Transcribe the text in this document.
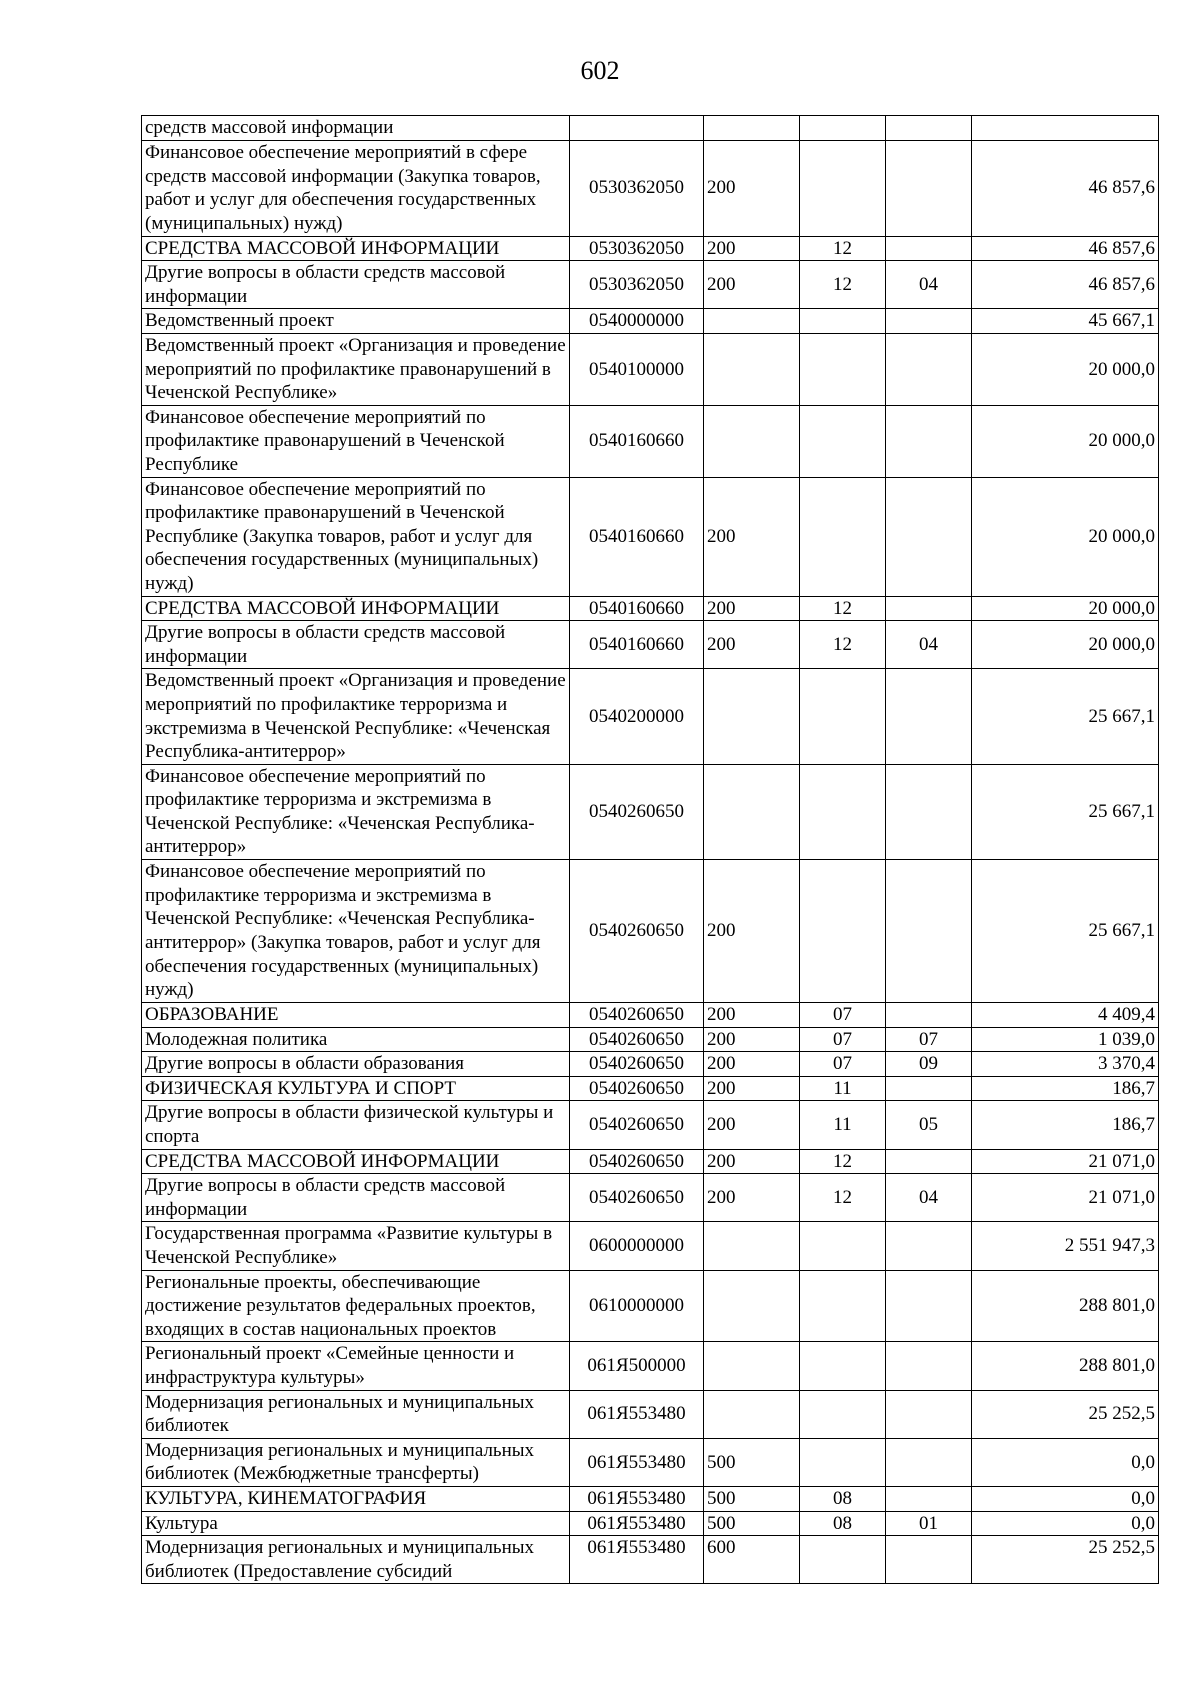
602
средств массовой информации					
Финансовое обеспечение мероприятий в сфере средств массовой информации (Закупка товаров, работ и услуг для обеспечения государственных (муниципальных) нужд)	0530362050	200			46 857,6
СРЕДСТВА МАССОВОЙ ИНФОРМАЦИИ	0530362050	200	12		46 857,6
Другие вопросы в области средств массовой информации	0530362050	200	12	04	46 857,6
Ведомственный проект	0540000000				45 667,1
Ведомственный проект «Организация и проведение мероприятий по профилактике правонарушений в Чеченской Республике»	0540100000				20 000,0
Финансовое обеспечение мероприятий по профилактике правонарушений в Чеченской Республике	0540160660				20 000,0
Финансовое обеспечение мероприятий по профилактике правонарушений в Чеченской Республике (Закупка товаров, работ и услуг для обеспечения государственных (муниципальных) нужд)	0540160660	200			20 000,0
СРЕДСТВА МАССОВОЙ ИНФОРМАЦИИ	0540160660	200	12		20 000,0
Другие вопросы в области средств массовой информации	0540160660	200	12	04	20 000,0
Ведомственный проект «Организация и проведение мероприятий по профилактике терроризма и экстремизма в Чеченской Республике: «Чеченская Республика-антитеррор»	0540200000				25 667,1
Финансовое обеспечение мероприятий по профилактике терроризма и экстремизма в Чеченской Республике: «Чеченская Республика-антитеррор»	0540260650				25 667,1
Финансовое обеспечение мероприятий по профилактике терроризма и экстремизма в Чеченской Республике: «Чеченская Республика-антитеррор» (Закупка товаров, работ и услуг для обеспечения государственных (муниципальных) нужд)	0540260650	200			25 667,1
ОБРАЗОВАНИЕ	0540260650	200	07		4 409,4
Молодежная политика	0540260650	200	07	07	1 039,0
Другие вопросы в области образования	0540260650	200	07	09	3 370,4
ФИЗИЧЕСКАЯ КУЛЬТУРА И СПОРТ	0540260650	200	11		186,7
Другие вопросы в области физической культуры и спорта	0540260650	200	11	05	186,7
СРЕДСТВА МАССОВОЙ ИНФОРМАЦИИ	0540260650	200	12		21 071,0
Другие вопросы в области средств массовой информации	0540260650	200	12	04	21 071,0
Государственная программа «Развитие культуры в Чеченской Республике»	0600000000				2 551 947,3
Региональные проекты, обеспечивающие достижение результатов федеральных проектов, входящих в состав национальных проектов	0610000000				288 801,0
Региональный проект «Семейные ценности и инфраструктура культуры»	061Я500000				288 801,0
Модернизация региональных и муниципальных библиотек	061Я553480				25 252,5
Модернизация региональных и муниципальных библиотек (Межбюджетные трансферты)	061Я553480	500			0,0
КУЛЬТУРА, КИНЕМАТОГРАФИЯ	061Я553480	500	08		0,0
Культура	061Я553480	500	08	01	0,0
Модернизация региональных и муниципальных библиотек (Предоставление субсидий	061Я553480	600			25 252,5
